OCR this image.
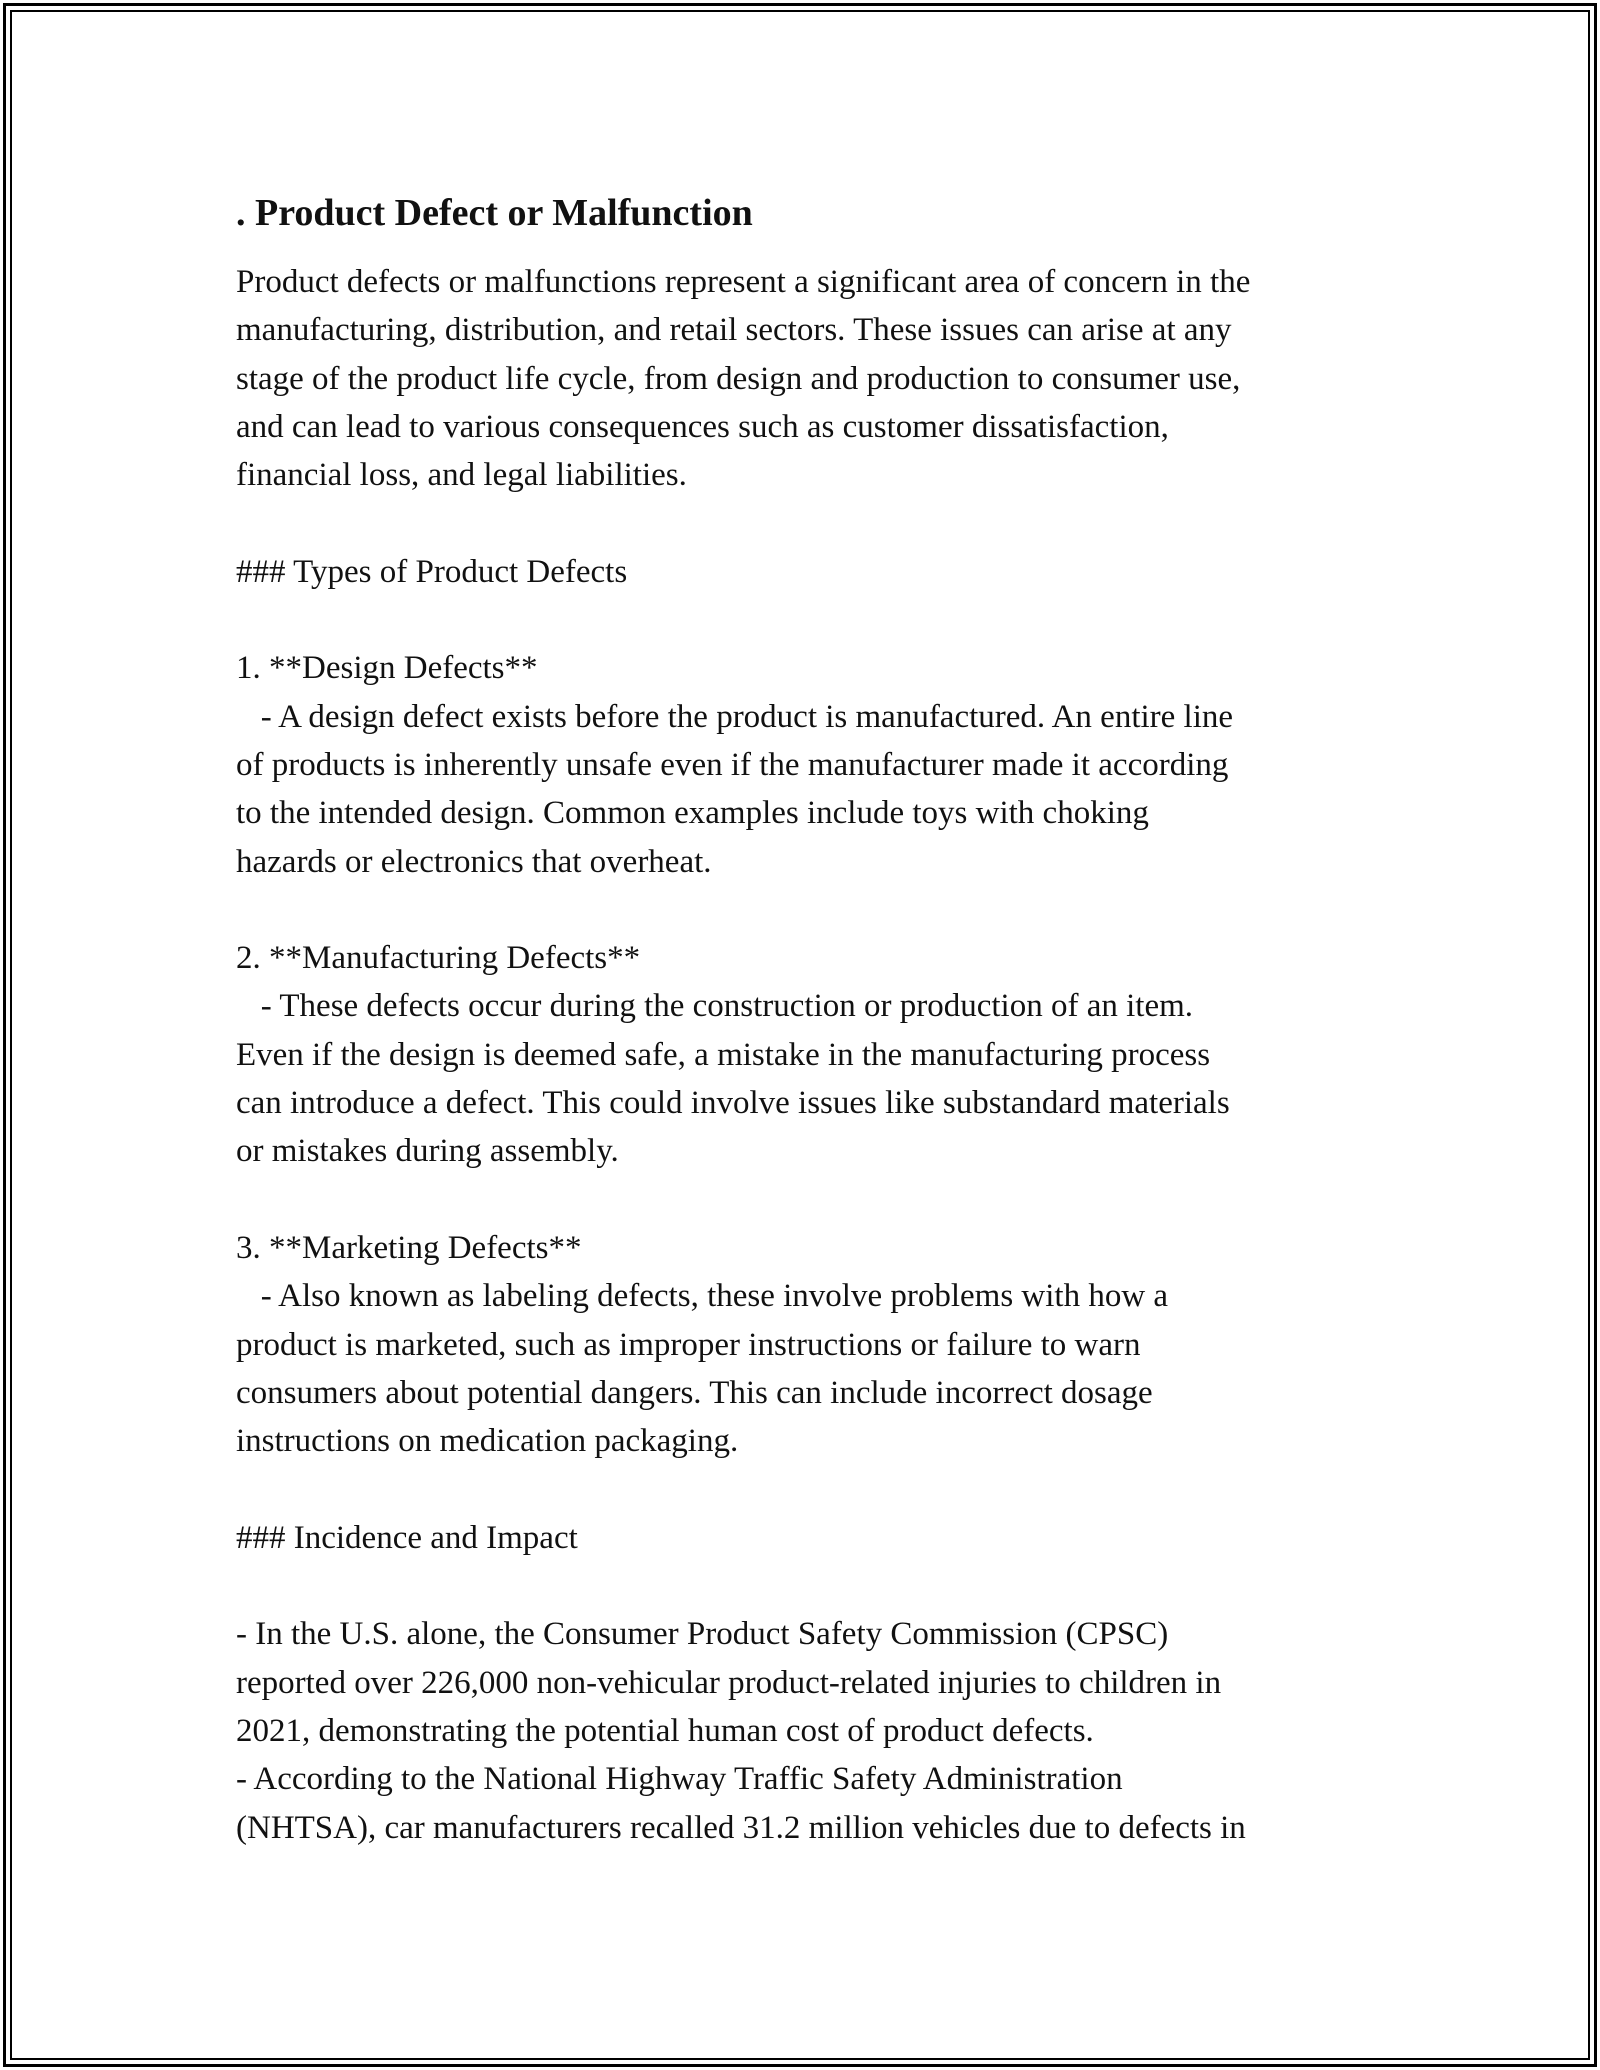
. Product Defect or Malfunction
Product defects or malfunctions represent a significant area of concern in the
manufacturing, distribution, and retail sectors. These issues can arise at any
stage of the product life cycle, from design and production to consumer use,
and can lead to various consequences such as customer dissatisfaction,
financial loss, and legal liabilities.
### Types of Product Defects
1. **Design Defects**
- A design defect exists before the product is manufactured. An entire line
of products is inherently unsafe even if the manufacturer made it according
to the intended design. Common examples include toys with choking
hazards or electronics that overheat.
2. **Manufacturing Defects**
- These defects occur during the construction or production of an item.
Even if the design is deemed safe, a mistake in the manufacturing process
can introduce a defect. This could involve issues like substandard materials
or mistakes during assembly.
3. **Marketing Defects**
- Also known as labeling defects, these involve problems with how a
product is marketed, such as improper instructions or failure to warn
consumers about potential dangers. This can include incorrect dosage
instructions on medication packaging.
### Incidence and Impact
- In the U.S. alone, the Consumer Product Safety Commission (CPSC)
reported over 226,000 non-vehicular product-related injuries to children in
2021, demonstrating the potential human cost of product defects.
- According to the National Highway Traffic Safety Administration
(NHTSA), car manufacturers recalled 31.2 million vehicles due to defects in
